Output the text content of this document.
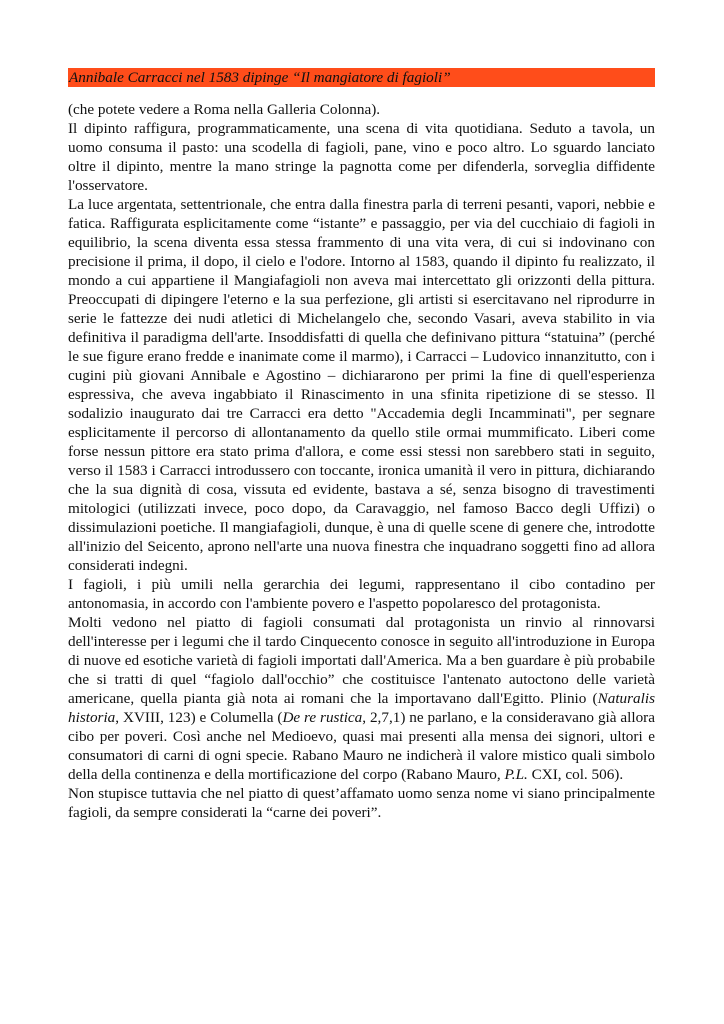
Annibale Carracci nel 1583 dipinge “Il mangiatore di fagioli”

(che potete vedere a Roma nella Galleria Colonna).

Il dipinto raffigura, programmaticamente, una scena di vita quotidiana. Seduto a tavola, un uomo consuma il pasto: una scodella di fagioli, pane, vino e poco altro. Lo sguardo lanciato oltre il dipinto, mentre la mano stringe la pagnotta come per difenderla, sorveglia diffidente l'osservatore.

La luce argentata, settentrionale, che entra dalla finestra parla di terreni pesanti, vapori, nebbie e fatica. Raffigurata esplicitamente come “istante” e passaggio, per via del cucchiaio di fagioli in equilibrio, la scena diventa essa stessa frammento di una vita vera, di cui si indovinano con precisione il prima, il dopo, il cielo e l'odore. Intorno al 1583, quando il dipinto fu realizzato, il mondo a cui appartiene il Mangiafagioli non aveva mai intercettato gli orizzonti della pittura. Preoccupati di dipingere l'eterno e la sua perfezione, gli artisti si esercitavano nel riprodurre in serie le fattezze dei nudi atletici di Michelangelo che, secondo Vasari, aveva stabilito in via definitiva il paradigma dell'arte. Insoddisfatti di quella che definivano pittura “statuina” (perché le sue figure erano fredde e inanimate come il marmo), i Carracci – Ludovico innanzitutto, con i cugini più giovani Annibale e Agostino – dichiararono per primi la fine di quell'esperienza espressiva, che aveva ingabbiato il Rinascimento in una sfinita ripetizione di se stesso. Il sodalizio inaugurato dai tre Carracci era detto "Accademia degli Incamminati", per segnare esplicitamente il percorso di allontanamento da quello stile ormai mummificato. Liberi come forse nessun pittore era stato prima d'allora, e come essi stessi non sarebbero stati in seguito, verso il 1583 i Carracci introdussero con toccante, ironica umanità il vero in pittura, dichiarando che la sua dignità di cosa, vissuta ed evidente, bastava a sé, senza bisogno di travestimenti mitologici (utilizzati invece, poco dopo, da Caravaggio, nel famoso Bacco degli Uffizi) o dissimulazioni poetiche. Il mangiafagioli, dunque, è una di quelle scene di genere che, introdotte all'inizio del Seicento, aprono nell'arte una nuova finestra che inquadrano soggetti fino ad allora considerati indegni.

I fagioli, i più umili nella gerarchia dei legumi, rappresentano il cibo contadino per antonomasia, in accordo con l'ambiente povero e l'aspetto popolaresco del protagonista.

Molti vedono nel piatto di fagioli consumati dal protagonista un rinvio al rinnovarsi dell'interesse per i legumi che il tardo Cinquecento conosce in seguito all'introduzione in Europa di nuove ed esotiche varietà di fagioli importati dall'America. Ma a ben guardare è più probabile che si tratti di quel “fagiolo dall'occhio” che costituisce l'antenato autoctono delle varietà americane, quella pianta già nota ai romani che la importavano dall'Egitto. Plinio (Naturalis historia, XVIII, 123) e Columella (De re rustica, 2,7,1) ne parlano, e la consideravano già allora cibo per poveri. Così anche nel Medioevo, quasi mai presenti alla mensa dei signori, ultori e consumatori di carni di ogni specie. Rabano Mauro ne indicherà il valore mistico quali simbolo della della continenza e della mortificazione del corpo (Rabano Mauro, P.L. CXI, col. 506).

Non stupisce tuttavia che nel piatto di quest’affamato uomo senza nome vi siano principalmente fagioli, da sempre considerati la “carne dei poveri”.
